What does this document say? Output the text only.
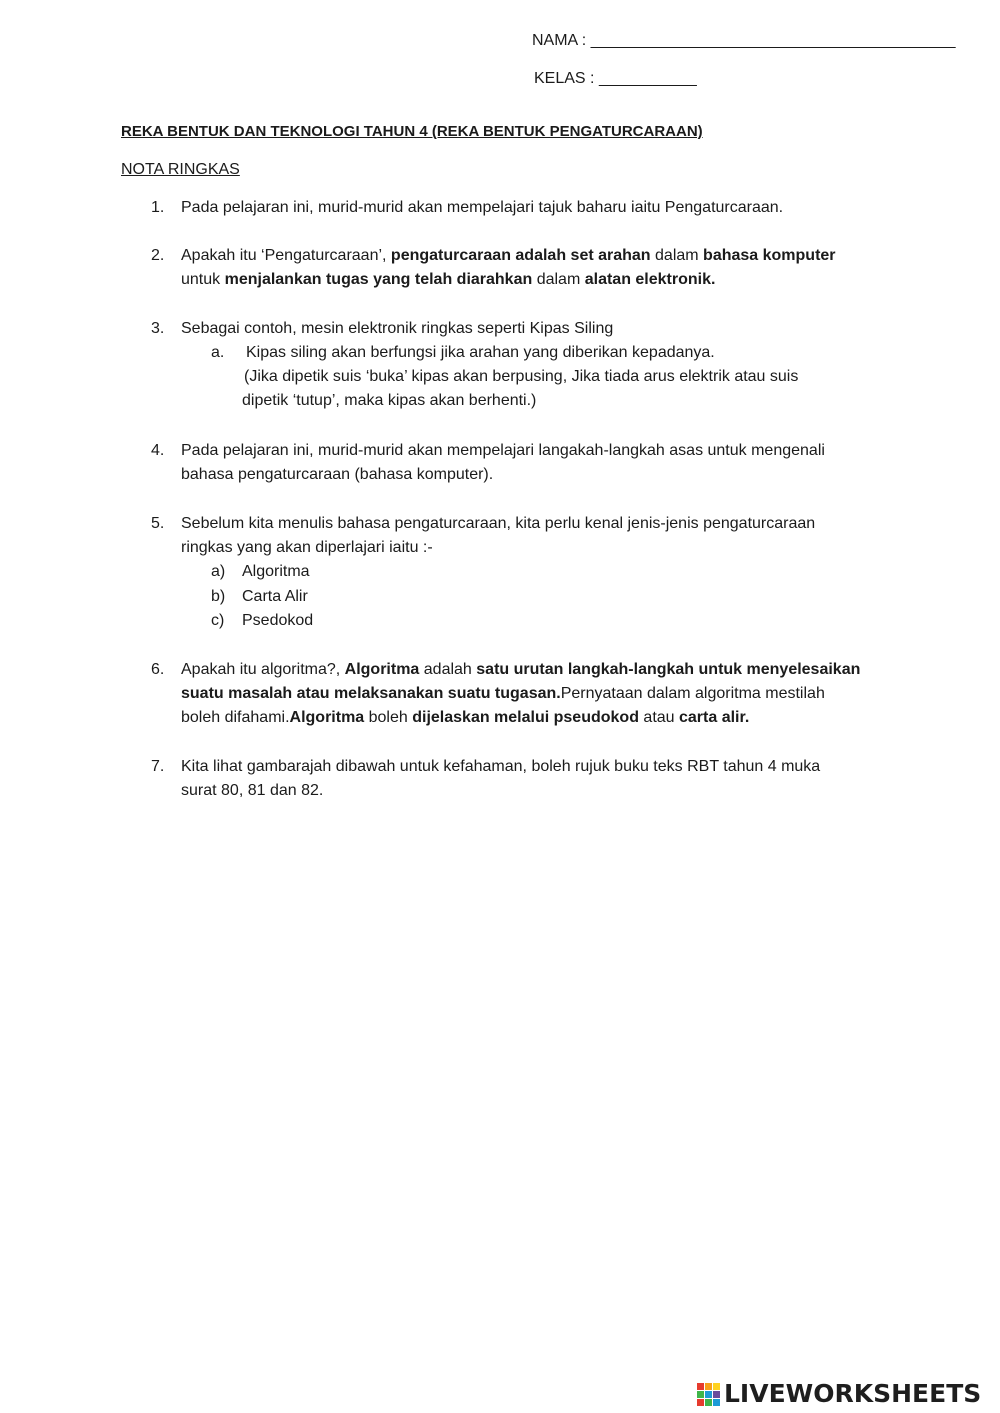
NAMA : _________________________________________
KELAS : ___________
REKA BENTUK DAN TEKNOLOGI TAHUN 4 (REKA BENTUK PENGATURCARAAN)
NOTA RINGKAS
1. Pada pelajaran ini, murid-murid akan mempelajari tajuk baharu iaitu Pengaturcaraan.
2. Apakah itu ‘Pengaturcaraan’, pengaturcaraan adalah set arahan dalam bahasa komputer
untuk menjalankan tugas yang telah diarahkan dalam alatan elektronik.
3. Sebagai contoh, mesin elektronik ringkas seperti Kipas Siling
a. Kipas siling akan berfungsi jika arahan yang diberikan kepadanya.
(Jika dipetik suis ‘buka’ kipas akan berpusing, Jika tiada arus elektrik atau suis
dipetik ‘tutup’, maka kipas akan berhenti.)
4. Pada pelajaran ini, murid-murid akan mempelajari langakah-langkah asas untuk mengenali
bahasa pengaturcaraan (bahasa komputer).
5. Sebelum kita menulis bahasa pengaturcaraan, kita perlu kenal jenis-jenis pengaturcaraan
ringkas yang akan diperlajari iaitu :-
a) Algoritma
b) Carta Alir
c) Psedokod
6. Apakah itu algoritma?, Algoritma adalah satu urutan langkah-langkah untuk menyelesaikan
suatu masalah atau melaksanakan suatu tugasan.Pernyataan dalam algoritma mestilah
boleh difahami.Algoritma boleh dijelaskan melalui pseudokod atau carta alir.
7. Kita lihat gambarajah dibawah untuk kefahaman, boleh rujuk buku teks RBT tahun 4 muka
surat 80, 81 dan 82.
LIVEWORKSHEETS
